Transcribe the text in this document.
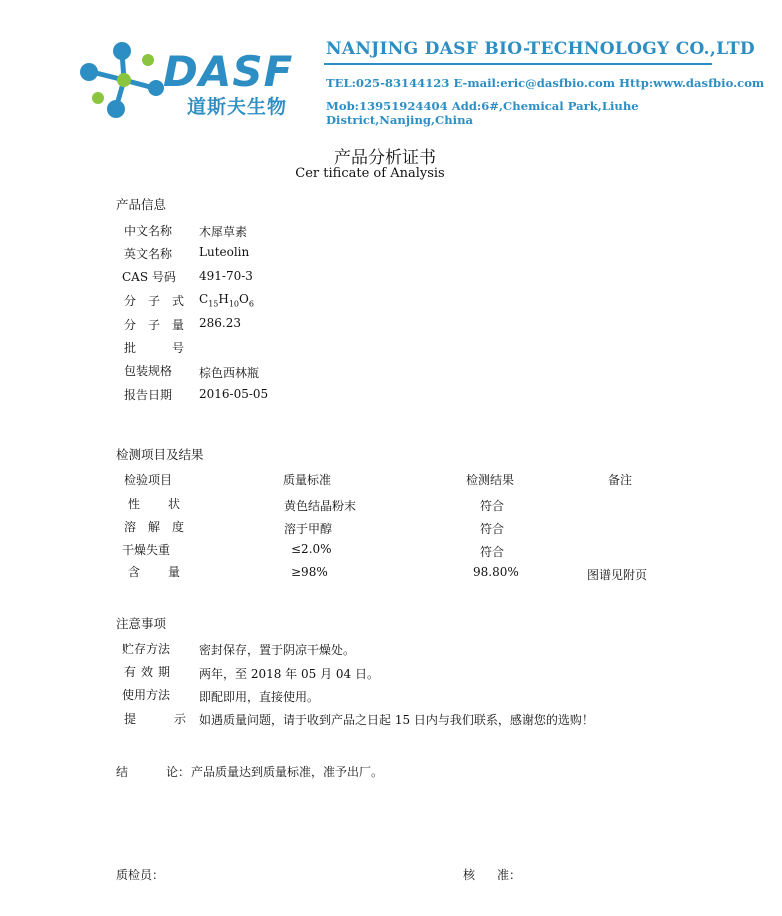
DASF
道斯夫生物
NANJING DASF BIO-TECHNOLOGY CO.,LTD
TEL:025-83144123 E-mail:eric@dasfbio.com Http:www.dasfbio.com
Mob:13951924404 Add:6#,Chemical Park,Liuhe District,Nanjing,China
产品分析证书
Cer tificate of Analysis
产品信息
中文名称 木犀草素
英文名称 Luteolin
CAS 号码 491-70-3
分 子 式 $C_{15}H_{10}O_6$
分 子 量 286.23
批	号
包装规格 棕色西林瓶
报告日期 2016-05-05
检测项目及结果
检验项目	质量标准	检测结果	备注
性 状	黄色结晶粉末	符合
溶 解 度	溶于甲醇	符合
干燥失重	≤2.0%	符合
含 量	≥98%	98.80%	图谱见附页
注意事项
贮存方法 密封保存，置于阴凉干燥处。
有 效 期 两年，至 2018 年 05 月 04 日。
使用方法 即配即用，直接使用。
提	示 如遇质量问题，请于收到产品之日起 15 日内与我们联系，感谢您的选购！
结	论： 产品质量达到质量标准，准予出厂。
质检员：	核 准：
